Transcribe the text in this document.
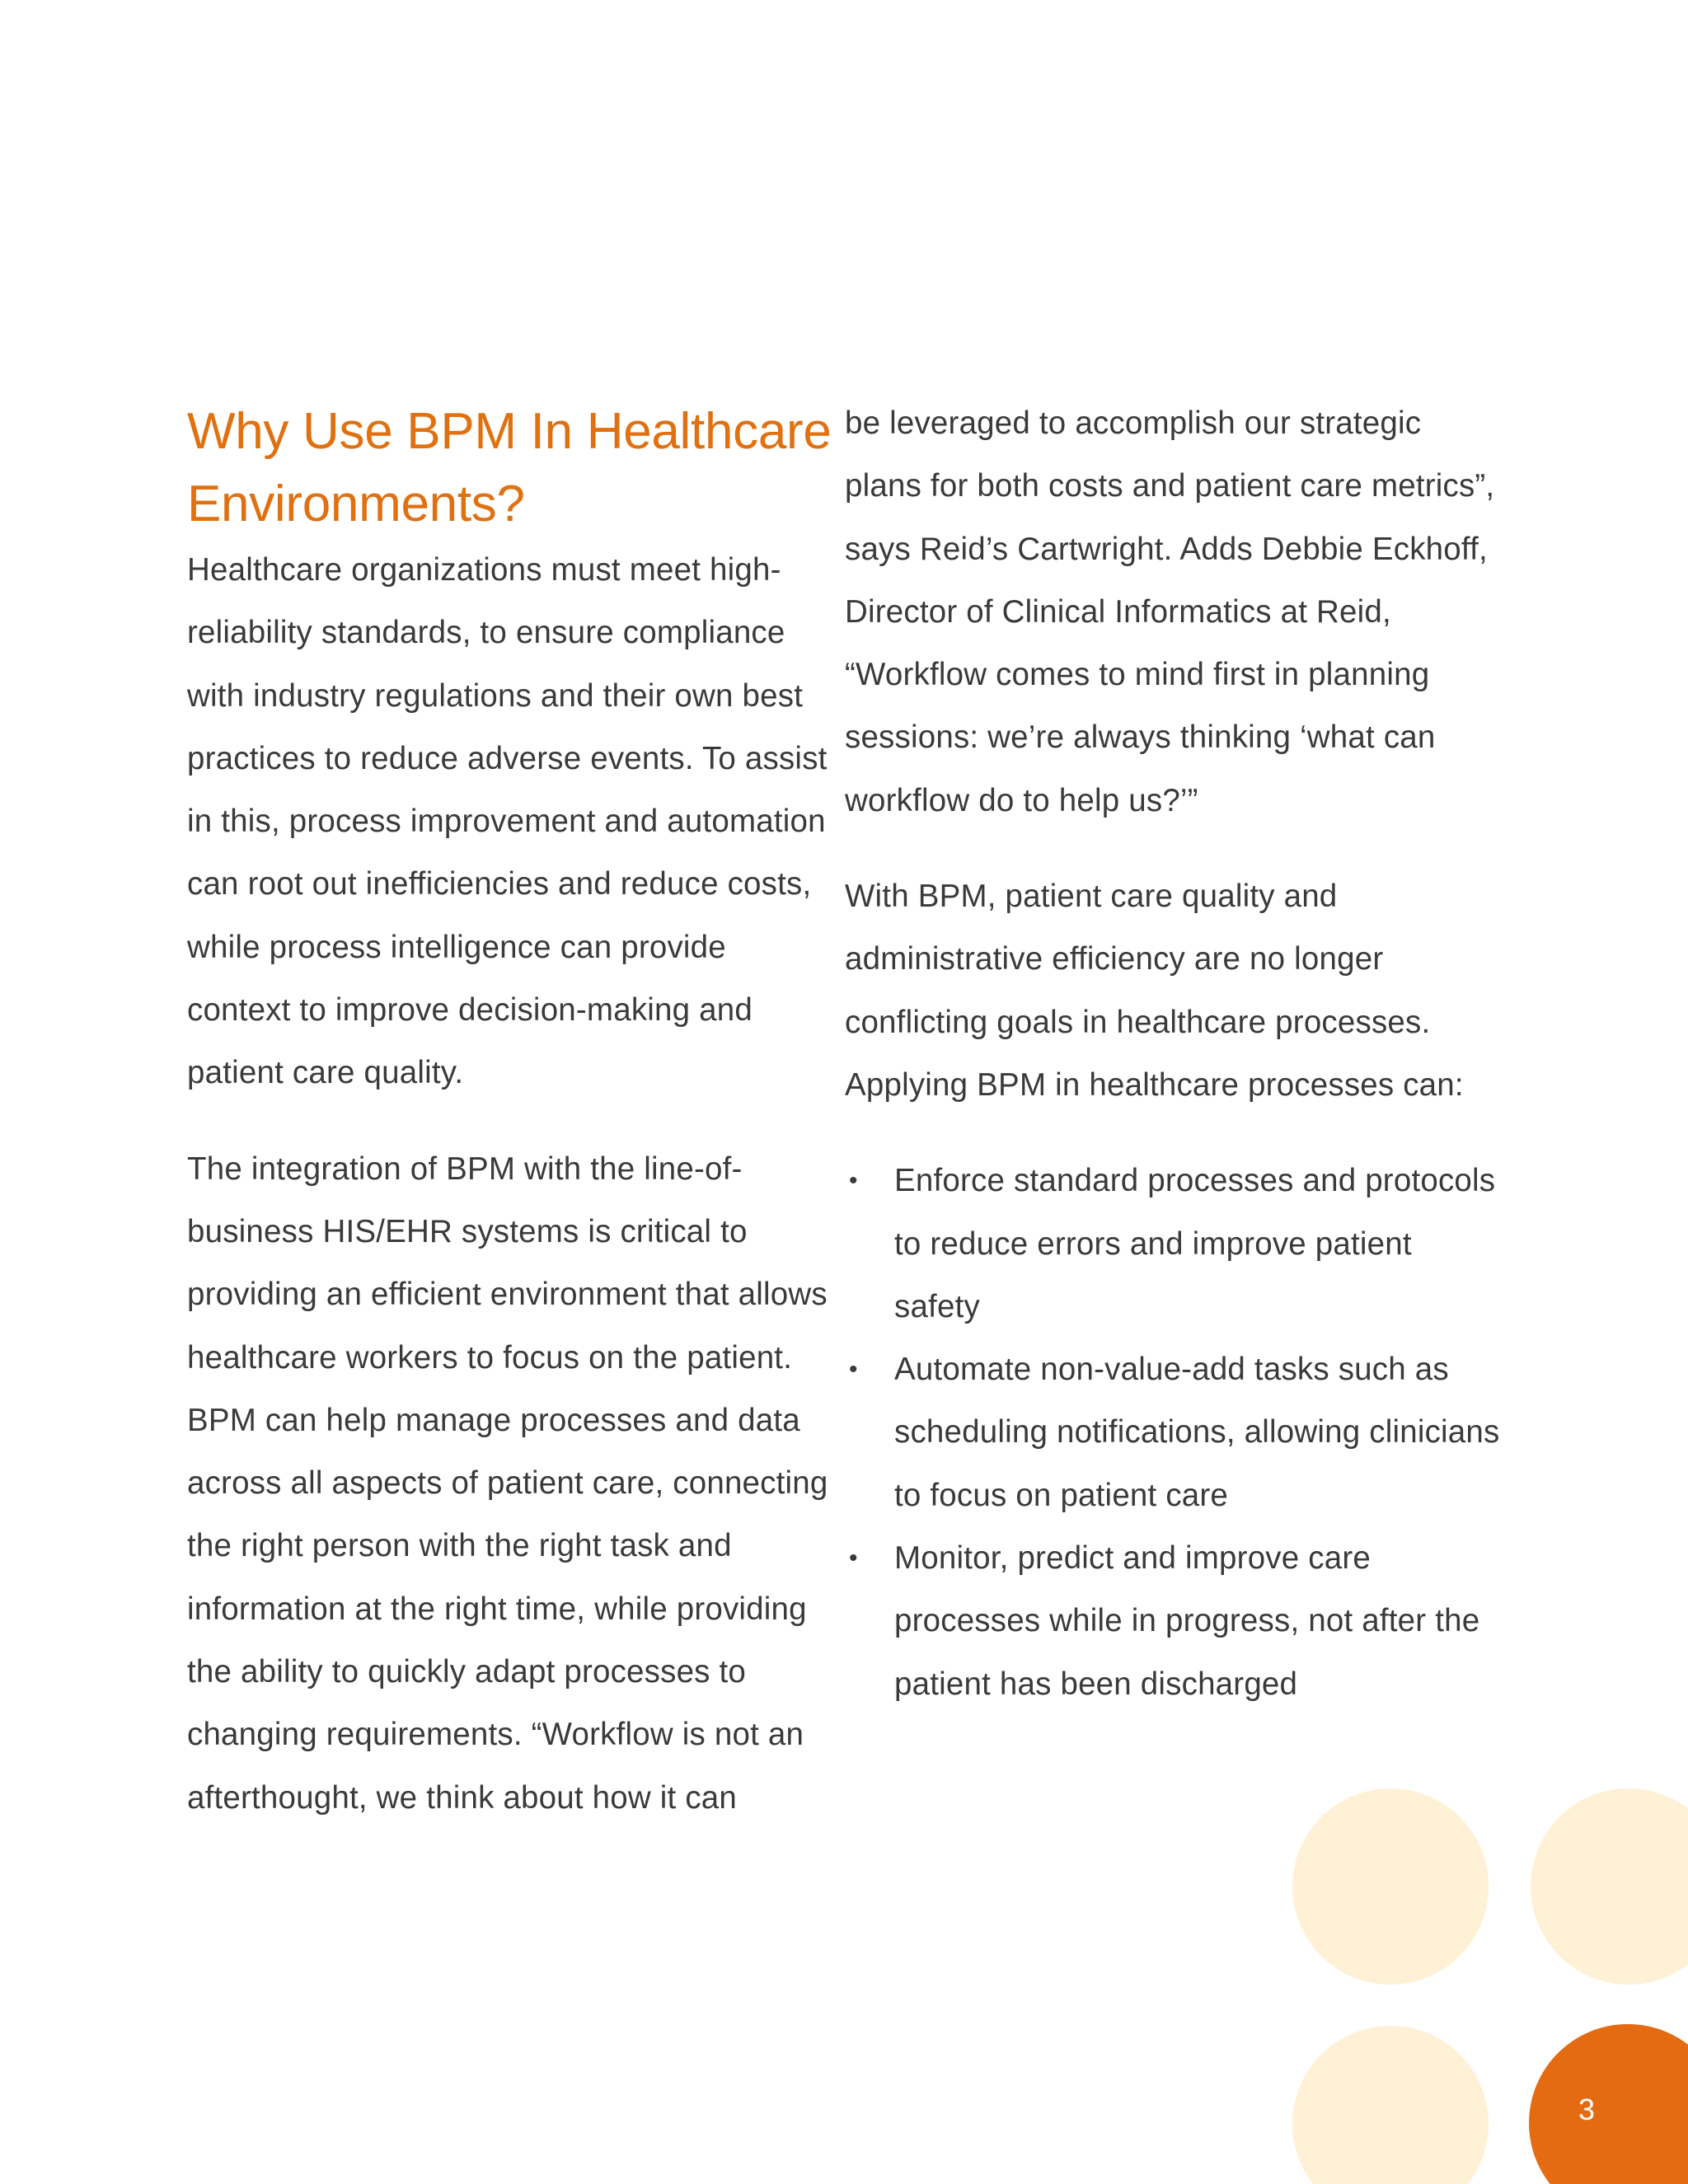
3
Why Use BPM In Healthcare Environments?

Healthcare organizations must meet high-reliability standards, to ensure compliance with industry regulations and their own best practices to reduce adverse events. To assist in this, process improvement and automation can root out inefficiencies and reduce costs, while process intelligence can provide context to improve decision-making and patient care quality.

The integration of BPM with the line-of-business HIS/EHR systems is critical to providing an efficient environment that allows healthcare workers to focus on the patient. BPM can help manage processes and data across all aspects of patient care, connecting the right person with the right task and information at the right time, while providing the ability to quickly adapt processes to changing requirements. “Workflow is not an afterthought, we think about how it can

be leveraged to accomplish our strategic plans for both costs and patient care metrics”, says Reid’s Cartwright. Adds Debbie Eckhoff, Director of Clinical Informatics at Reid, “Workflow comes to mind first in planning sessions: we’re always thinking ‘what can workflow do to help us?’”

With BPM, patient care quality and administrative efficiency are no longer conflicting goals in healthcare processes. Applying BPM in healthcare processes can:

• Enforce standard processes and protocols to reduce errors and improve patient safety
• Automate non-value-add tasks such as scheduling notifications, allowing clinicians to focus on patient care
• Monitor, predict and improve care processes while in progress, not after the patient has been discharged
